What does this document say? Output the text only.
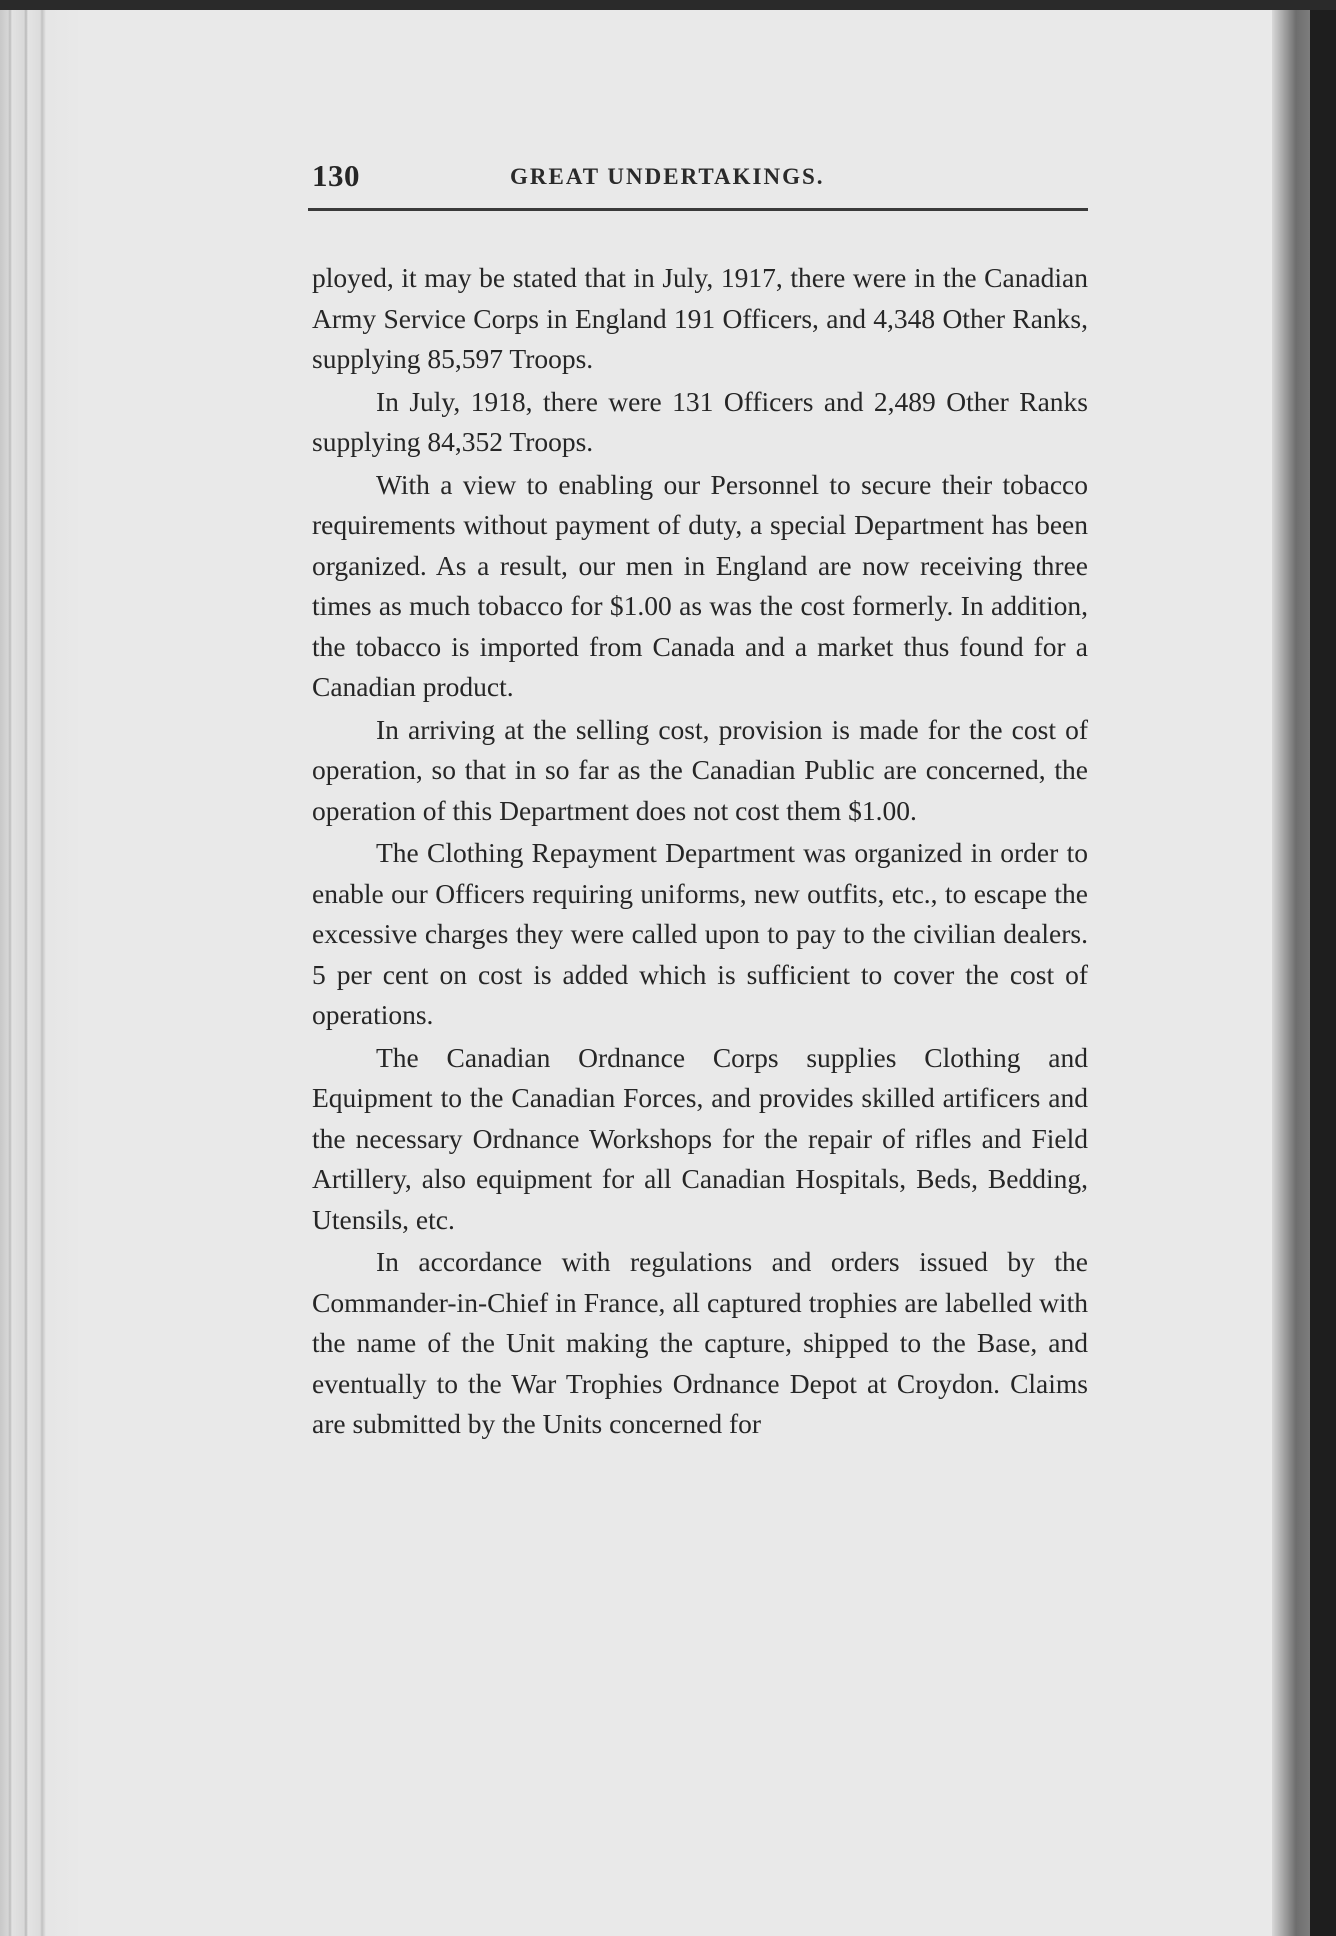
130	GREAT UNDERTAKINGS.

ployed, it may be stated that in July, 1917, there were in the Canadian Army Service Corps in England 191 Officers, and 4,348 Other Ranks, supplying 85,597 Troops.

In July, 1918, there were 131 Officers and 2,489 Other Ranks supplying 84,352 Troops.

With a view to enabling our Personnel to secure their tobacco requirements without payment of duty, a special Department has been organized. As a result, our men in England are now receiving three times as much tobacco for $1.00 as was the cost formerly. In addition, the tobacco is imported from Canada and a market thus found for a Canadian product.

In arriving at the selling cost, provision is made for the cost of operation, so that in so far as the Canadian Public are concerned, the operation of this Department does not cost them $1.00.

The Clothing Repayment Department was organized in order to enable our Officers requiring uniforms, new outfits, etc., to escape the excessive charges they were called upon to pay to the civilian dealers. 5 per cent on cost is added which is sufficient to cover the cost of operations.

The Canadian Ordnance Corps supplies Clothing and Equipment to the Canadian Forces, and provides skilled artificers and the necessary Ordnance Workshops for the repair of rifles and Field Artillery, also equipment for all Canadian Hospitals, Beds, Bedding, Utensils, etc.

In accordance with regulations and orders issued by the Commander-in-Chief in France, all captured trophies are labelled with the name of the Unit making the capture, shipped to the Base, and eventually to the War Trophies Ordnance Depot at Croydon. Claims are submitted by the Units concerned for
